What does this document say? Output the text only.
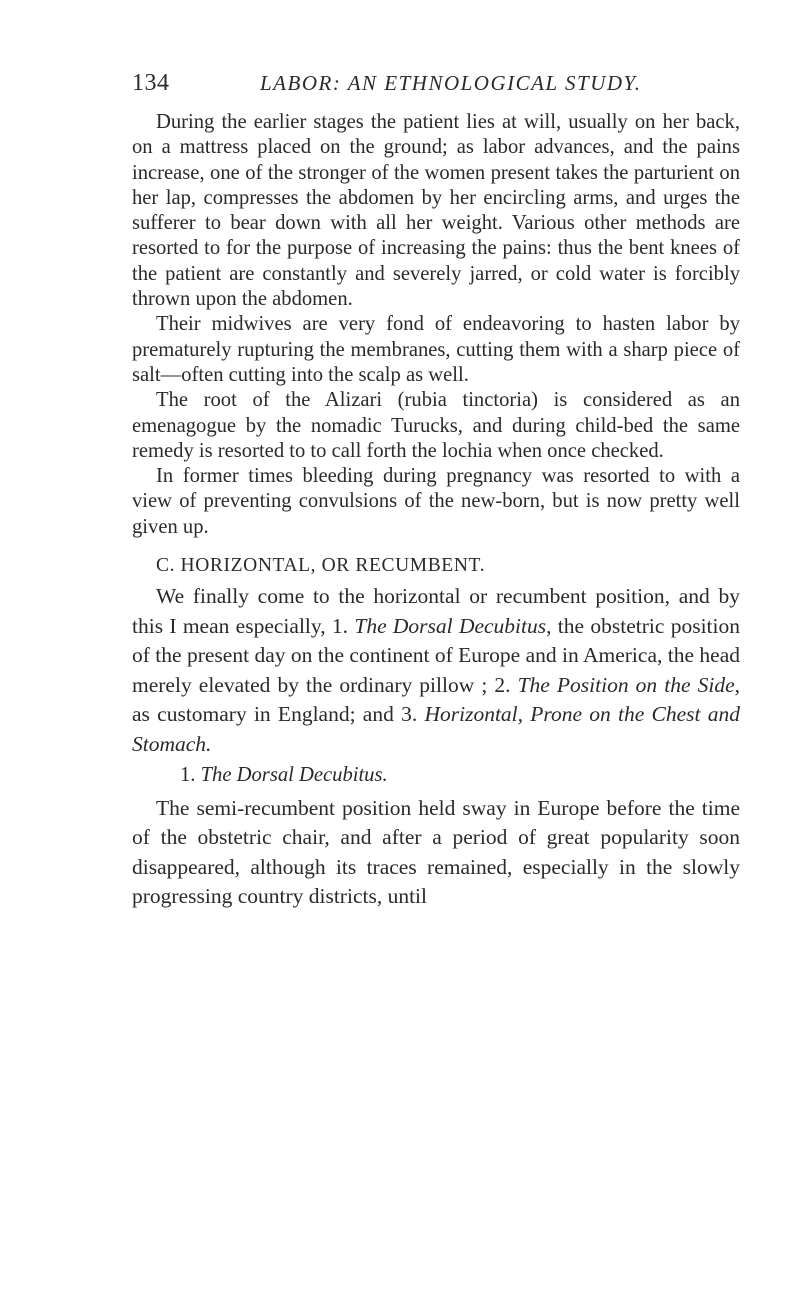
134	LABOR: AN ETHNOLOGICAL STUDY.

During the earlier stages the patient lies at will, usually on her back, on a mattress placed on the ground; as labor advances, and the pains increase, one of the stronger of the women present takes the parturient on her lap, compresses the abdomen by her encircling arms, and urges the sufferer to bear down with all her weight. Various other methods are resorted to for the purpose of increasing the pains: thus the bent knees of the patient are constantly and severely jarred, or cold water is forcibly thrown upon the abdomen.

Their midwives are very fond of endeavoring to hasten labor by prematurely rupturing the membranes, cutting them with a sharp piece of salt—often cutting into the scalp as well.

The root of the Alizari (rubia tinctoria) is considered as an emenagogue by the nomadic Turucks, and during child-bed the same remedy is resorted to to call forth the lochia when once checked.

In former times bleeding during pregnancy was resorted to with a view of preventing convulsions of the new-born, but is now pretty well given up.

C. HORIZONTAL, OR RECUMBENT.

We finally come to the horizontal or recumbent position, and by this I mean especially, 1. The Dorsal Decubitus, the obstetric position of the present day on the continent of Europe and in America, the head merely elevated by the ordinary pillow ; 2. The Position on the Side, as customary in England; and 3. Horizontal, Prone on the Chest and Stomach.

1. The Dorsal Decubitus.

The semi-recumbent position held sway in Europe before the time of the obstetric chair, and after a period of great popularity soon disappeared, although its traces remained, especially in the slowly progressing country districts, until
